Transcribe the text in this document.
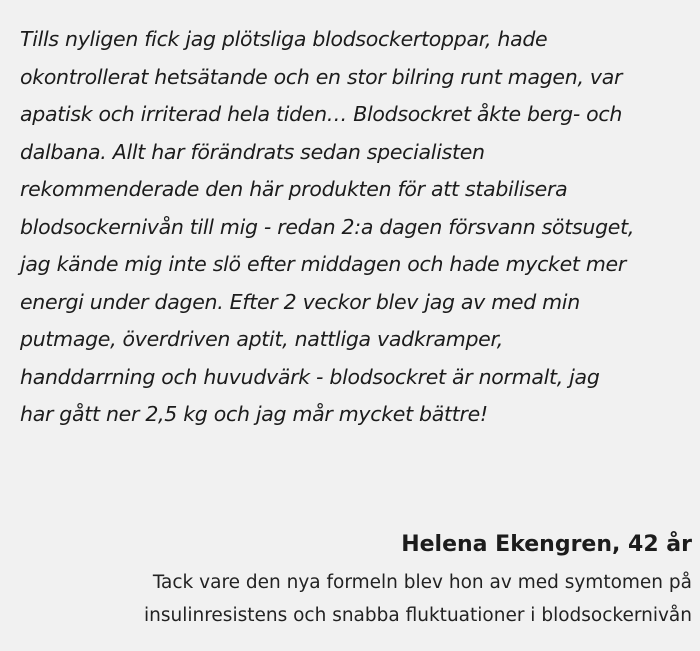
Tills nyligen fick jag plötsliga blodsockertoppar, hade
okontrollerat hetsätande och en stor bilring runt magen, var
apatisk och irriterad hela tiden… Blodsockret åkte berg- och
dalbana. Allt har förändrats sedan specialisten
rekommenderade den här produkten för att stabilisera
blodsockernivån till mig - redan 2:a dagen försvann sötsuget,
jag kände mig inte slö efter middagen och hade mycket mer
energi under dagen. Efter 2 veckor blev jag av med min
putmage, överdriven aptit, nattliga vadkramper,
handdarrning och huvudvärk - blodsockret är normalt, jag
har gått ner 2,5 kg och jag mår mycket bättre!

Helena Ekengren, 42 år
Tack vare den nya formeln blev hon av med symtomen på
insulinresistens och snabba fluktuationer i blodsockernivån
